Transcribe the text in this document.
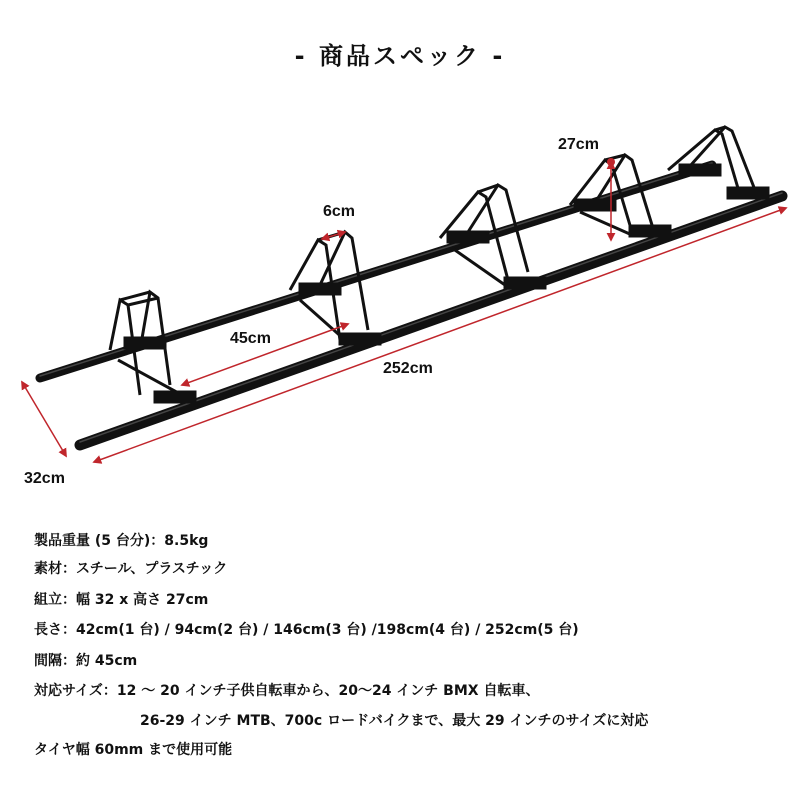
- 商品スペック -
27cm
6cm
45cm
252cm
32cm
製品重量 (5 台分)：8.5kg
素材：スチール、プラスチック
組立：幅 32 x 高さ 27cm
長さ：42cm(1 台) / 94cm(2 台) / 146cm(3 台) /198cm(4 台) / 252cm(5 台)
間隔：約 45cm
対応サイズ：12 ～ 20 インチ子供自転車から、20～24 インチ BMX 自転車、
26-29 インチ MTB、700c ロードバイクまで、最大 29 インチのサイズに対応
タイヤ幅 60mm まで使用可能
